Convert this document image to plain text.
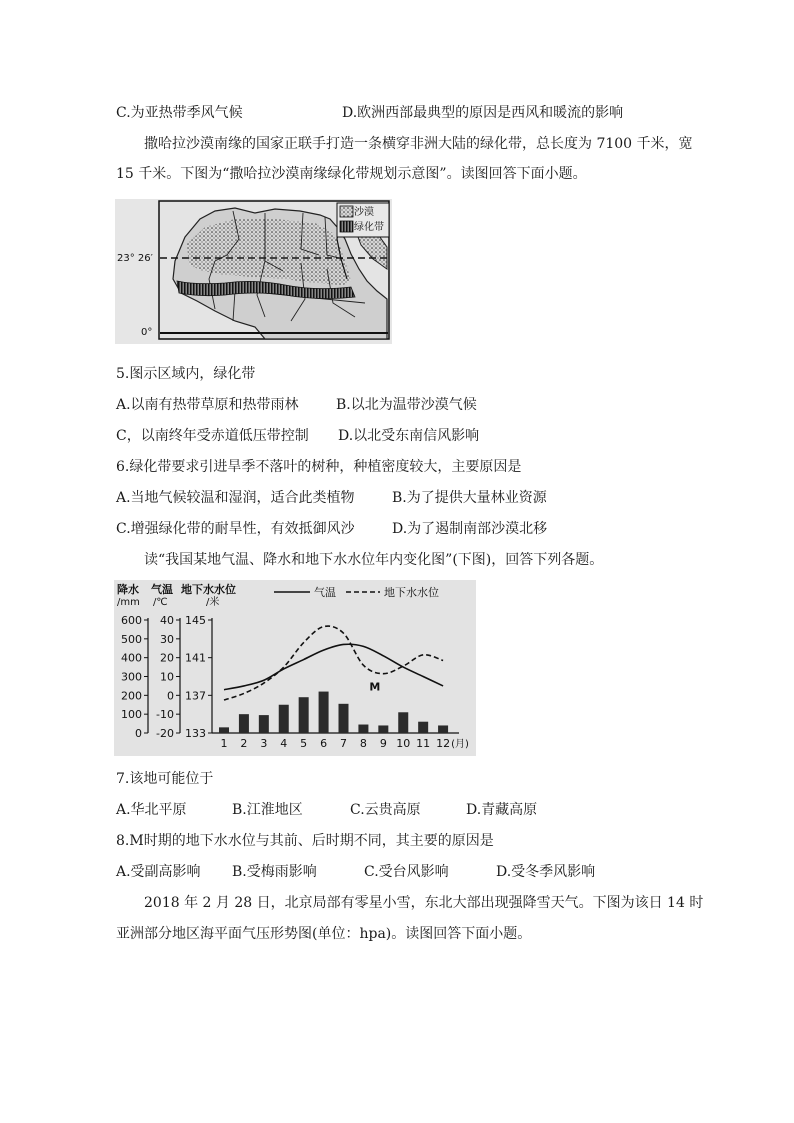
C.为亚热带季风气候	D.欧洲西部最典型的原因是西风和暖流的影响
撒哈拉沙漠南缘的国家正联手打造一条横穿非洲大陆的绿化带，总长度为 7100 千米，宽
15 千米。下图为“撒哈拉沙漠南缘绿化带规划示意图”。读图回答下面小题。
23° 26′
0°
沙漠
绿化带
5.图示区域内，绿化带
A.以南有热带草原和热带雨林	B.以北为温带沙漠气候
C，以南终年受赤道低压带控制 D.以北受东南信风影响
6.绿化带要求引进旱季不落叶的树种，种植密度较大，主要原因是
A.当地气候较温和湿润，适合此类植物	B.为了提供大量林业资源
C.增强绿化带的耐旱性，有效抵御风沙	D.为了遏制南部沙漠北移
读“我国某地气温、降水和地下水水位年内变化图”(下图)，回答下列各题。
降水
/mm
气温
/℃
地下水水位
/米
气温	地下水水位
0
100
200
300
400
500
600
-20
-10
0
10
20
30
40
133
137
141
145
1 2 3 4 5 6 7 8 9 10 11 12
M
(月)
7.该地可能位于
A.华北平原	B.江淮地区	C.云贵高原	D.青藏高原
8.M时期的地下水水位与其前、后时期不同，其主要的原因是
A.受副高影响 B.受梅雨影响	C.受台风影响	D.受冬季风影响
2018 年 2 月 28 日，北京局部有零星小雪，东北大部出现强降雪天气。下图为该日 14 时
亚洲部分地区海平面气压形势图(单位：hpa)。读图回答下面小题。
